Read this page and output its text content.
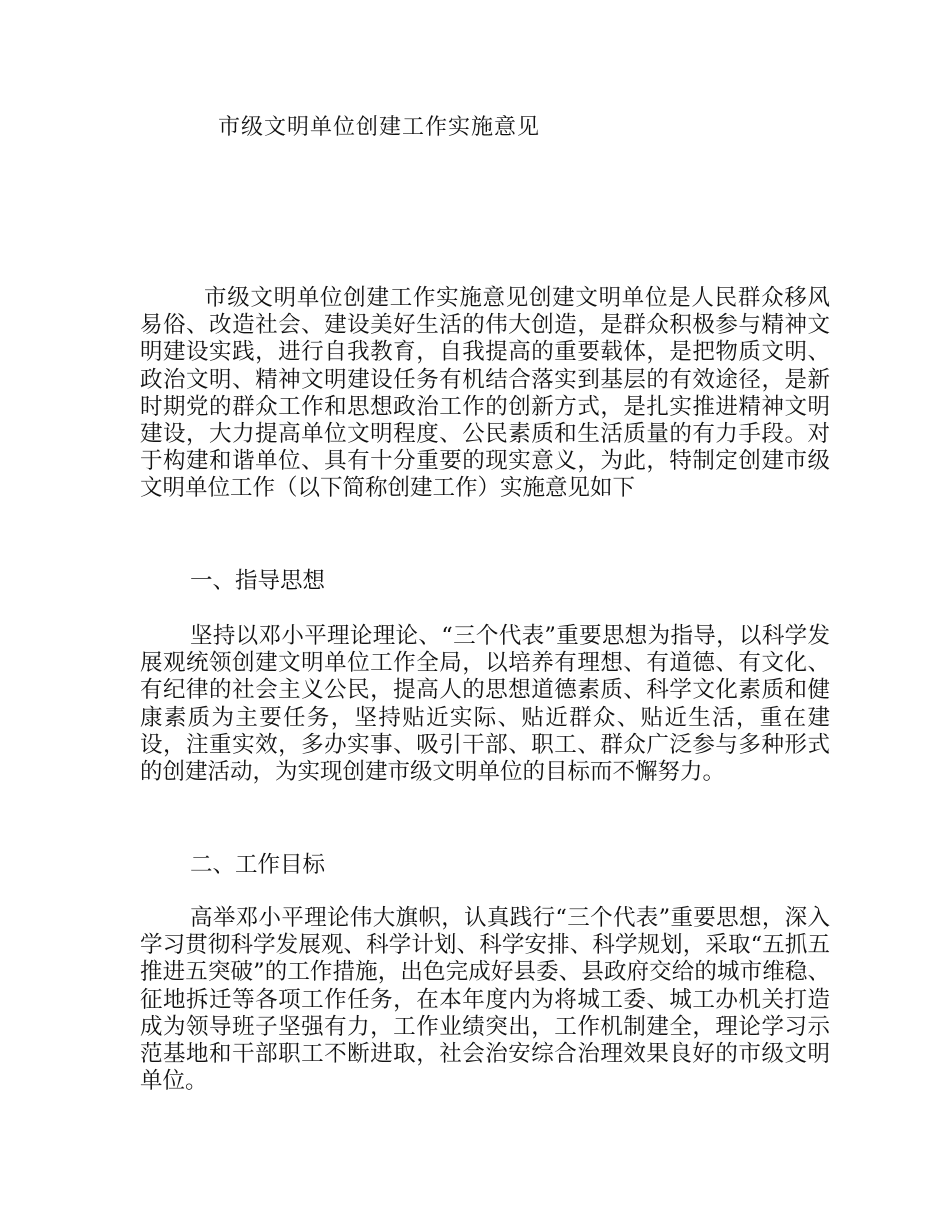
市级文明单位创建工作实施意见

市级文明单位创建工作实施意见创建文明单位是人民群众移风易俗、改造社会、建设美好生活的伟大创造，是群众积极参与精神文明建设实践，进行自我教育，自我提高的重要载体，是把物质文明、政治文明、精神文明建设任务有机结合落实到基层的有效途径，是新时期党的群众工作和思想政治工作的创新方式，是扎实推进精神文明建设，大力提高单位文明程度、公民素质和生活质量的有力手段。对于构建和谐单位、具有十分重要的现实意义，为此，特制定创建市级文明单位工作（以下简称创建工作）实施意见如下

一、指导思想

坚持以邓小平理论理论、“三个代表”重要思想为指导，以科学发展观统领创建文明单位工作全局，以培养有理想、有道德、有文化、有纪律的社会主义公民，提高人的思想道德素质、科学文化素质和健康素质为主要任务，坚持贴近实际、贴近群众、贴近生活，重在建设，注重实效，多办实事、吸引干部、职工、群众广泛参与多种形式的创建活动，为实现创建市级文明单位的目标而不懈努力。

二、工作目标

高举邓小平理论伟大旗帜，认真践行“三个代表”重要思想，深入学习贯彻科学发展观、科学计划、科学安排、科学规划，采取“五抓五推进五突破”的工作措施，出色完成好县委、县政府交给的城市维稳、征地拆迁等各项工作任务，在本年度内为将城工委、城工办机关打造成为领导班子坚强有力，工作业绩突出，工作机制建全，理论学习示范基地和干部职工不断进取，社会治安综合治理效果良好的市级文明单位。
